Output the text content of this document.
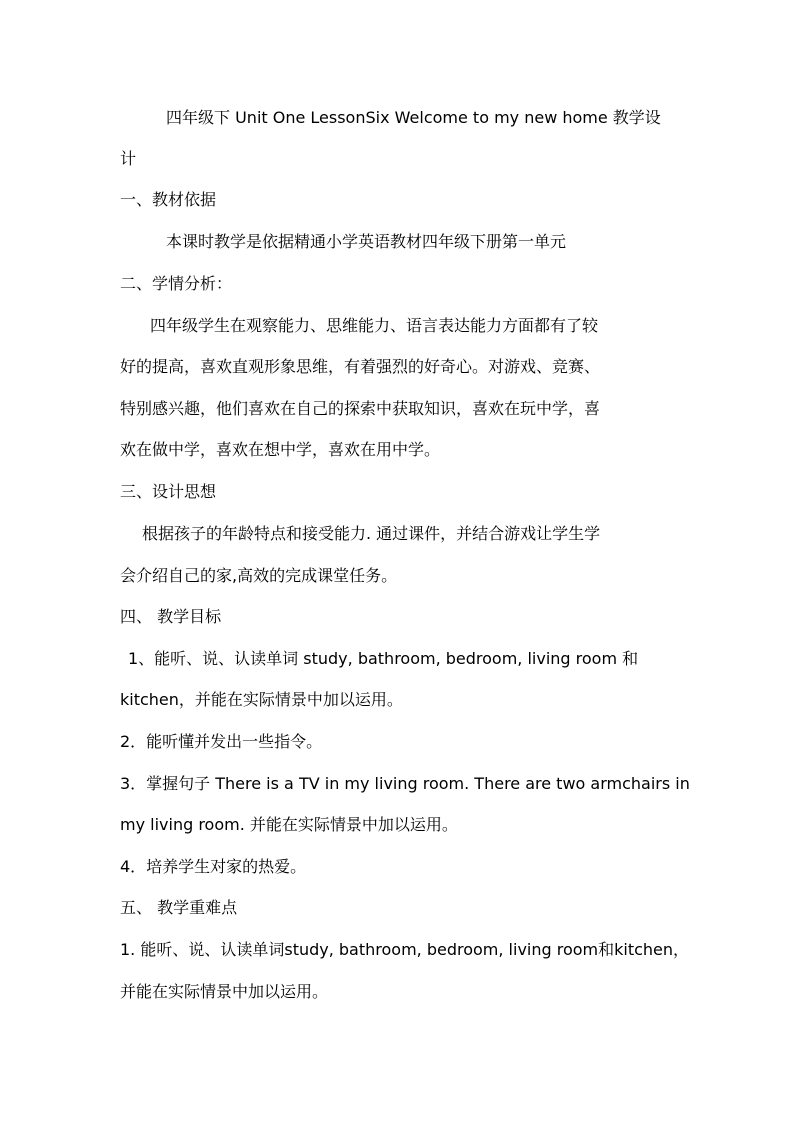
四年级下 Unit One LessonSix Welcome to my new home 教学设
计
一、教材依据
本课时教学是依据精通小学英语教材四年级下册第一单元
二、学情分析：
四年级学生在观察能力、思维能力、语言表达能力方面都有了较
好的提高，喜欢直观形象思维，有着强烈的好奇心。对游戏、竞赛、
特别感兴趣，他们喜欢在自己的探索中获取知识，喜欢在玩中学，喜
欢在做中学，喜欢在想中学，喜欢在用中学。
三、设计思想
根据孩子的年龄特点和接受能力. 通过课件，并结合游戏让学生学
会介绍自己的家,高效的完成课堂任务。
四、 教学目标
1、能听、说、认读单词 study, bathroom, bedroom, living room 和
kitchen，并能在实际情景中加以运用。
2．能听懂并发出一些指令。
3．掌握句子 There is a TV in my living room. There are two armchairs in
my living room. 并能在实际情景中加以运用。
4．培养学生对家的热爱。
五、 教学重难点
1. 能听、说、认读单词study, bathroom, bedroom, living room和kitchen，
并能在实际情景中加以运用。
